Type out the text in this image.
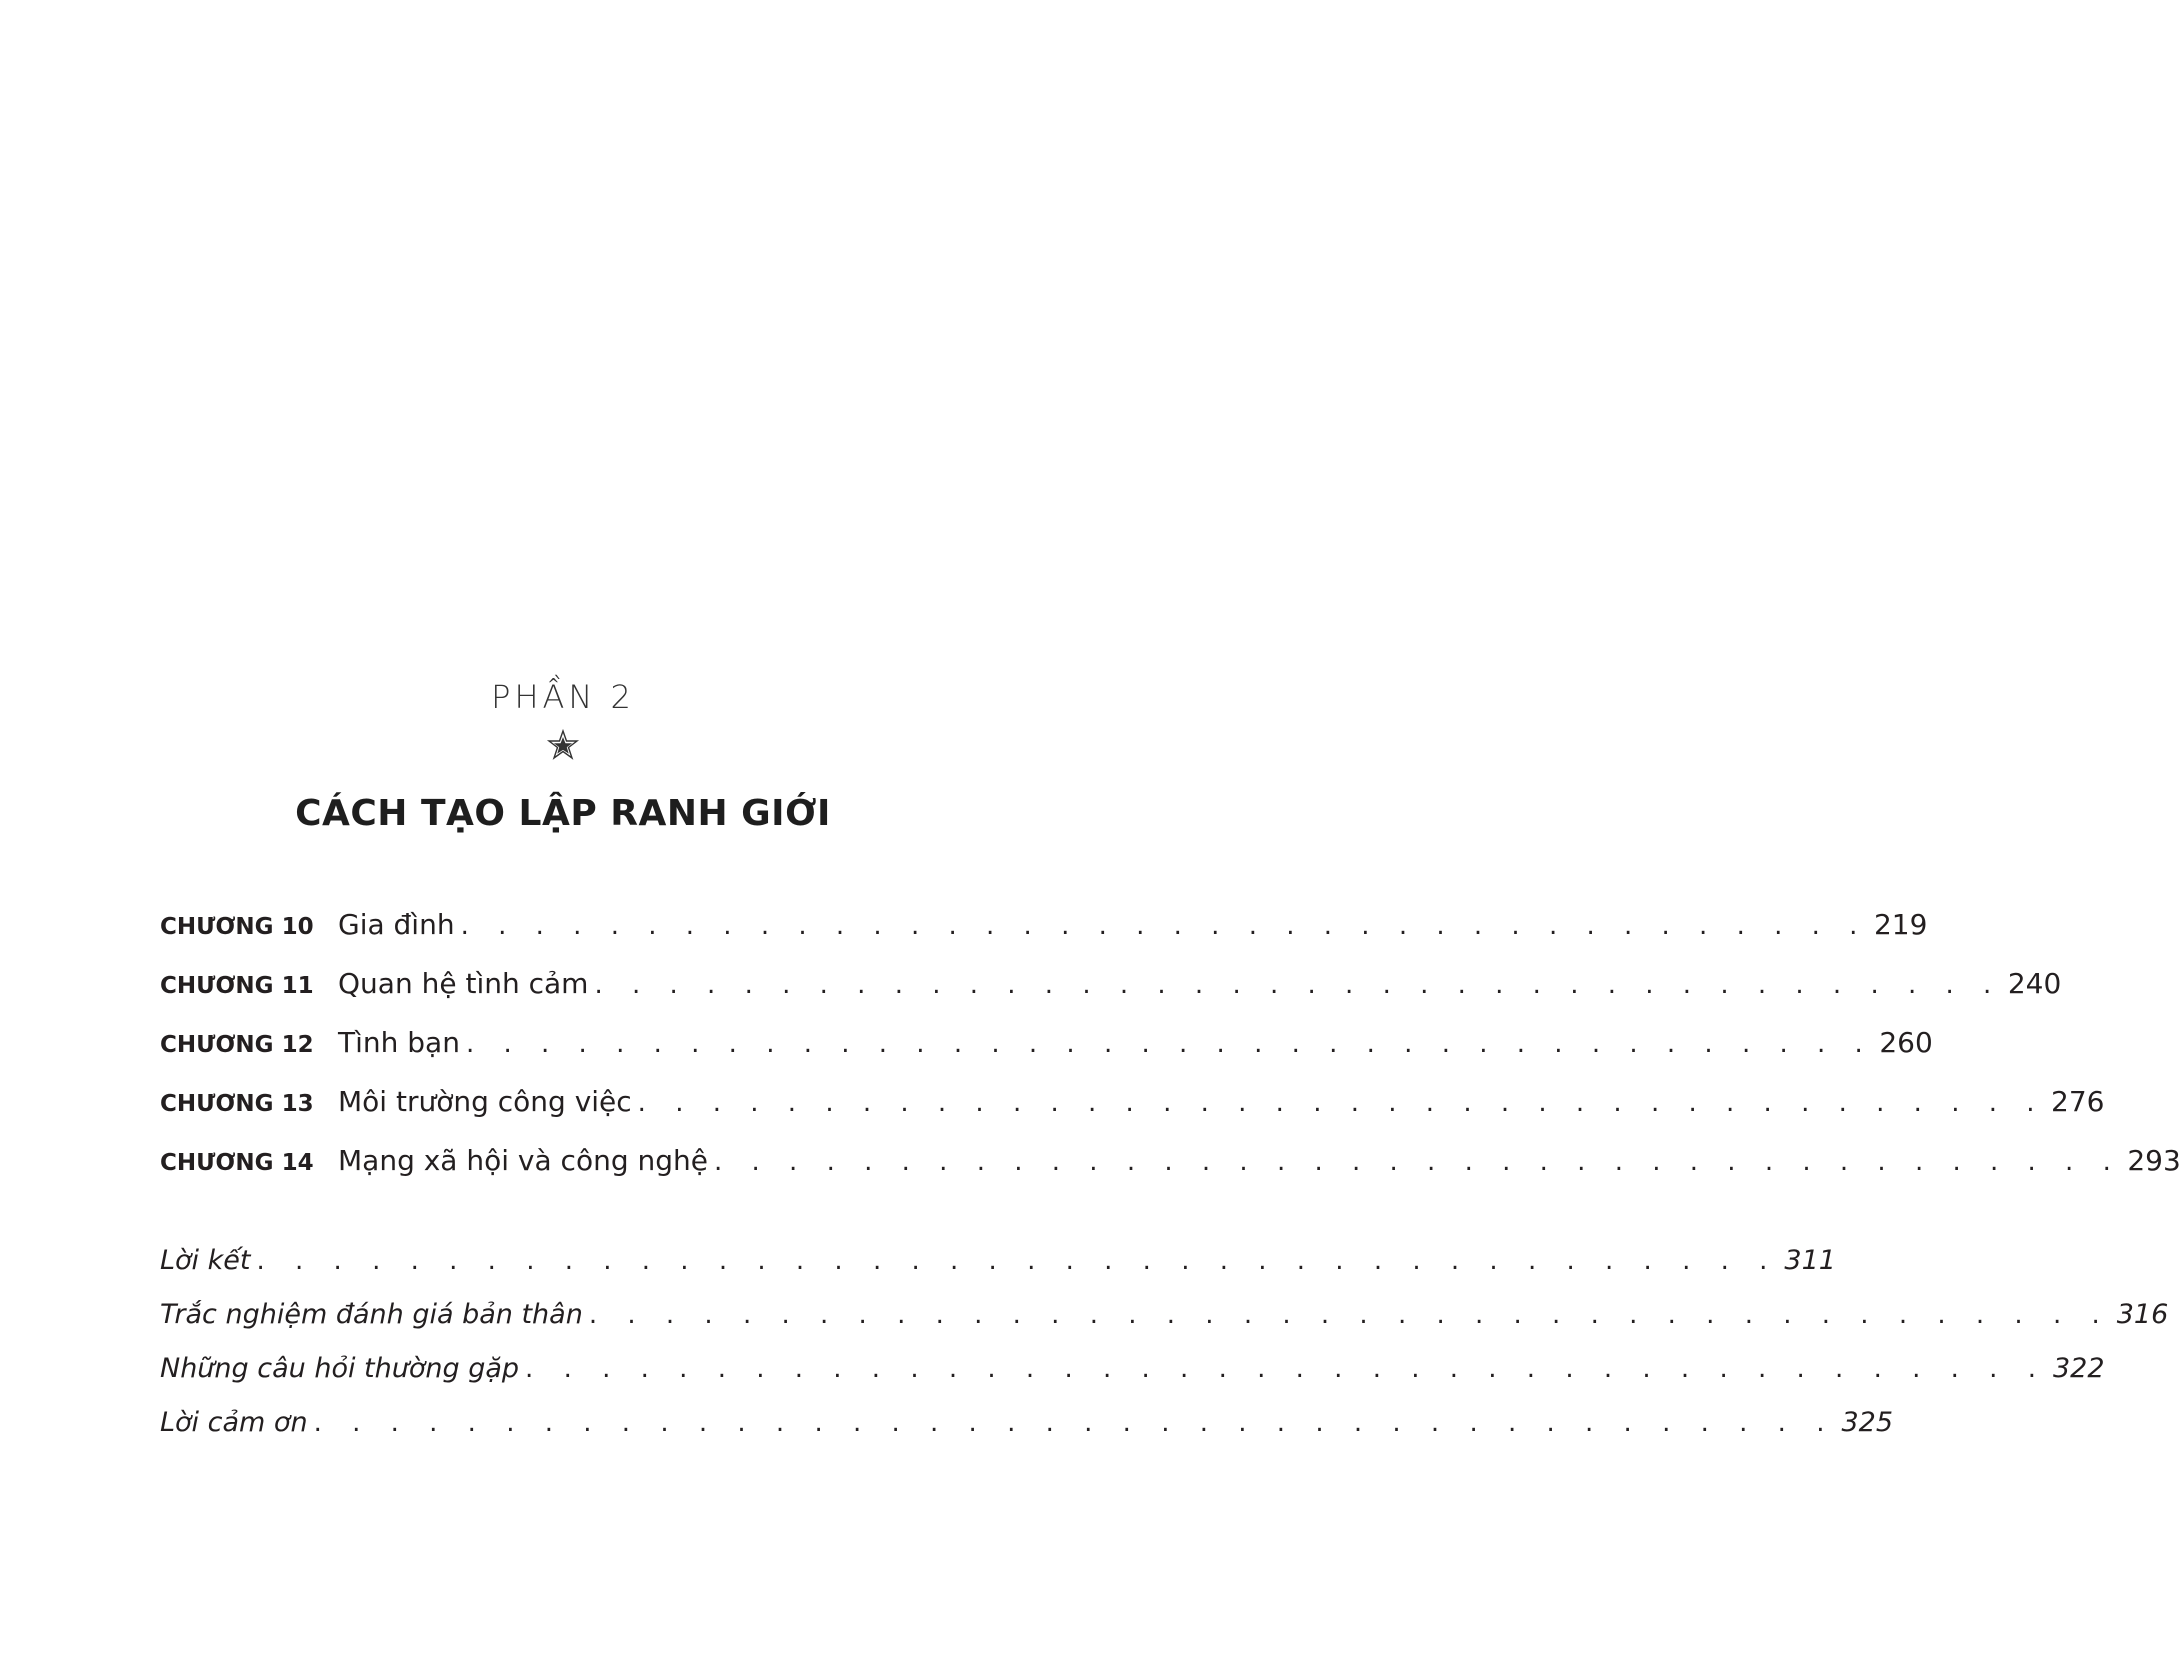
PHẦN 2
CÁCH TẠO LẬP RANH GIỚI
CHƯƠNG 10 Gia đình . . . . . . . . . . . . . . . . . . . . . . . . . . . . . . . . . . . . . . 219
CHƯƠNG 11 Quan hệ tình cảm . . . . . . . . . . . . . . . . . . . . . . . . . . . . . . . . . . . . . . 240
CHƯƠNG 12 Tình bạn . . . . . . . . . . . . . . . . . . . . . . . . . . . . . . . . . . . . . . 260
CHƯƠNG 13 Môi trường công việc . . . . . . . . . . . . . . . . . . . . . . . . . . . . . . . . . . . . . . 276
CHƯƠNG 14 Mạng xã hội và công nghệ . . . . . . . . . . . . . . . . . . . . . . . . . . . . . . . . . . . . . . 293
Lời kết . . . . . . . . . . . . . . . . . . . . . . . . . . . . . . . . . . . . . . . . 311
Trắc nghiệm đánh giá bản thân . . . . . . . . . . . . . . . . . . . . . . . . . . . . . . . . . . . . . . . . 316
Những câu hỏi thường gặp . . . . . . . . . . . . . . . . . . . . . . . . . . . . . . . . . . . . . . . . 322
Lời cảm ơn . . . . . . . . . . . . . . . . . . . . . . . . . . . . . . . . . . . . . . . . 325
